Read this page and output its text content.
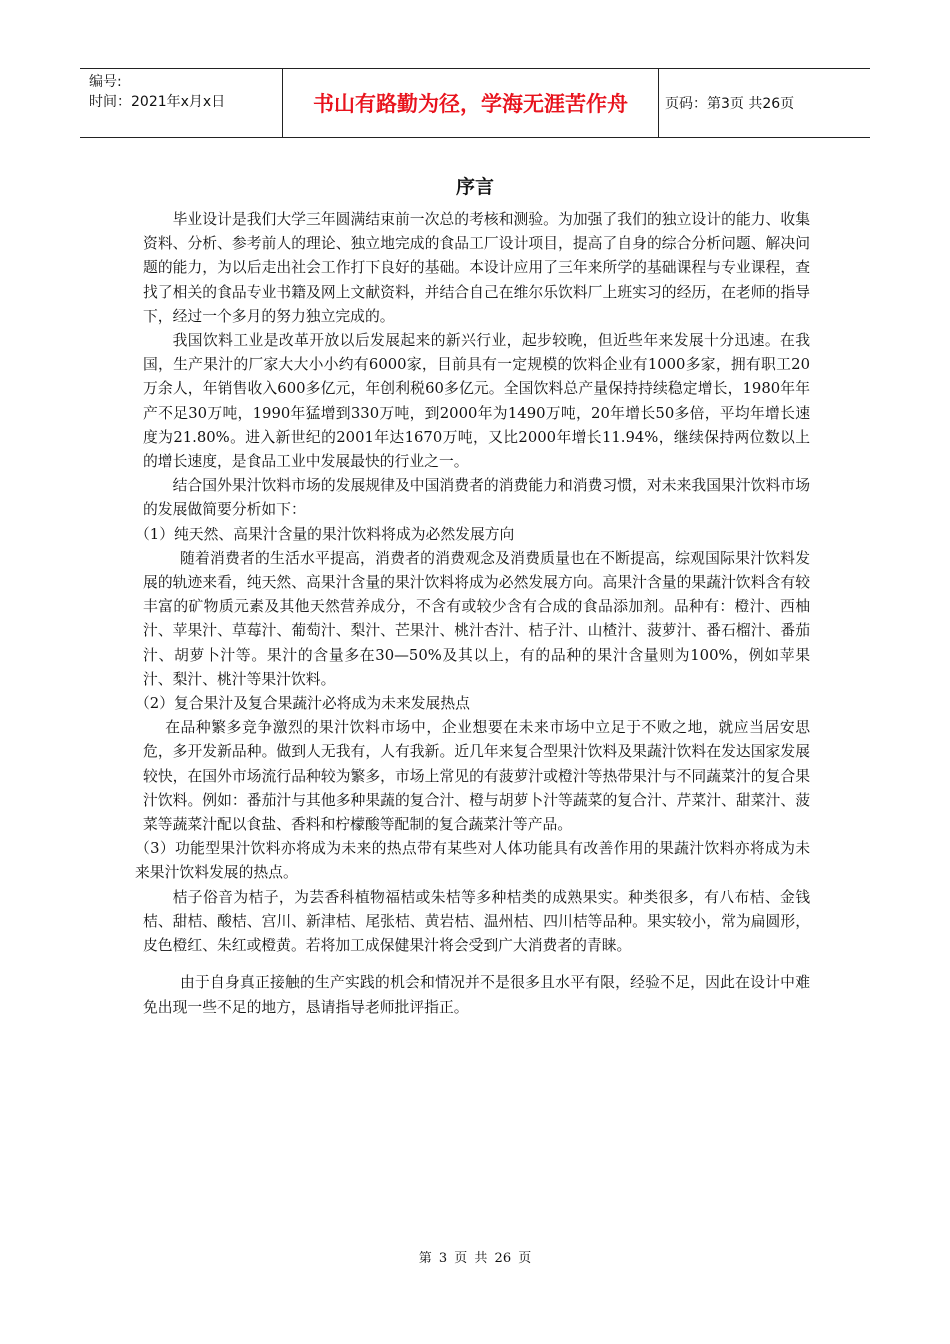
编号:
时间：2021年x月x日	书山有路勤为径，学海无涯苦作舟	页码：第3页 共26页
序言

毕业设计是我们大学三年圆满结束前一次总的考核和测验。为加强了我们的独立设计的能力、收集资料、分析、参考前人的理论、独立地完成的食品工厂设计项目，提高了自身的综合分析问题、解决问题的能力，为以后走出社会工作打下良好的基础。本设计应用了三年来所学的基础课程与专业课程，查找了相关的食品专业书籍及网上文献资料，并结合自己在维尔乐饮料厂上班实习的经历，在老师的指导下，经过一个多月的努力独立完成的。

我国饮料工业是改革开放以后发展起来的新兴行业，起步较晚，但近些年来发展十分迅速。在我国，生产果汁的厂家大大小小约有6000家，目前具有一定规模的饮料企业有1000多家，拥有职工20万余人，年销售收入600多亿元，年创利税60多亿元。全国饮料总产量保持持续稳定增长，1980年年产不足30万吨，1990年猛增到330万吨，到2000年为1490万吨，20年增长50多倍，平均年增长速度为21.80%。进入新世纪的2001年达1670万吨，又比2000年增长11.94%，继续保持两位数以上的增长速度，是食品工业中发展最快的行业之一。

结合国外果汁饮料市场的发展规律及中国消费者的消费能力和消费习惯，对未来我国果汁饮料市场的发展做简要分析如下：

（1）纯天然、高果汁含量的果汁饮料将成为必然发展方向

随着消费者的生活水平提高，消费者的消费观念及消费质量也在不断提高，综观国际果汁饮料发展的轨迹来看，纯天然、高果汁含量的果汁饮料将成为必然发展方向。高果汁含量的果蔬汁饮料含有较丰富的矿物质元素及其他天然营养成分，不含有或较少含有合成的食品添加剂。品种有：橙汁、西柚汁、苹果汁、草莓汁、葡萄汁、梨汁、芒果汁、桃汁杏汁、桔子汁、山楂汁、菠萝汁、番石榴汁、番茄汁、胡萝卜汁等。果汁的含量多在30—50%及其以上，有的品种的果汁含量则为100%，例如苹果汁、梨汁、桃汁等果汁饮料。

（2）复合果汁及复合果蔬汁必将成为未来发展热点

在品种繁多竞争激烈的果汁饮料市场中，企业想要在未来市场中立足于不败之地，就应当居安思危，多开发新品种。做到人无我有，人有我新。近几年来复合型果汁饮料及果蔬汁饮料在发达国家发展较快，在国外市场流行品种较为繁多，市场上常见的有菠萝汁或橙汁等热带果汁与不同蔬菜汁的复合果汁饮料。例如：番茄汁与其他多种果蔬的复合汁、橙与胡萝卜汁等蔬菜的复合汁、芹菜汁、甜菜汁、菠菜等蔬菜汁配以食盐、香料和柠檬酸等配制的复合蔬菜汁等产品。

（3）功能型果汁饮料亦将成为未来的热点带有某些对人体功能具有改善作用的果蔬汁饮料亦将成为未来果汁饮料发展的热点。

桔子俗音为桔子，为芸香科植物福桔或朱桔等多种桔类的成熟果实。种类很多，有八布桔、金钱桔、甜桔、酸桔、宫川、新津桔、尾张桔、黄岩桔、温州桔、四川桔等品种。果实较小，常为扁圆形，皮色橙红、朱红或橙黄。若将加工成保健果汁将会受到广大消费者的青睐。

由于自身真正接触的生产实践的机会和情况并不是很多且水平有限，经验不足，因此在设计中难免出现一些不足的地方，恳请指导老师批评指正。

第 3 页 共 26 页
